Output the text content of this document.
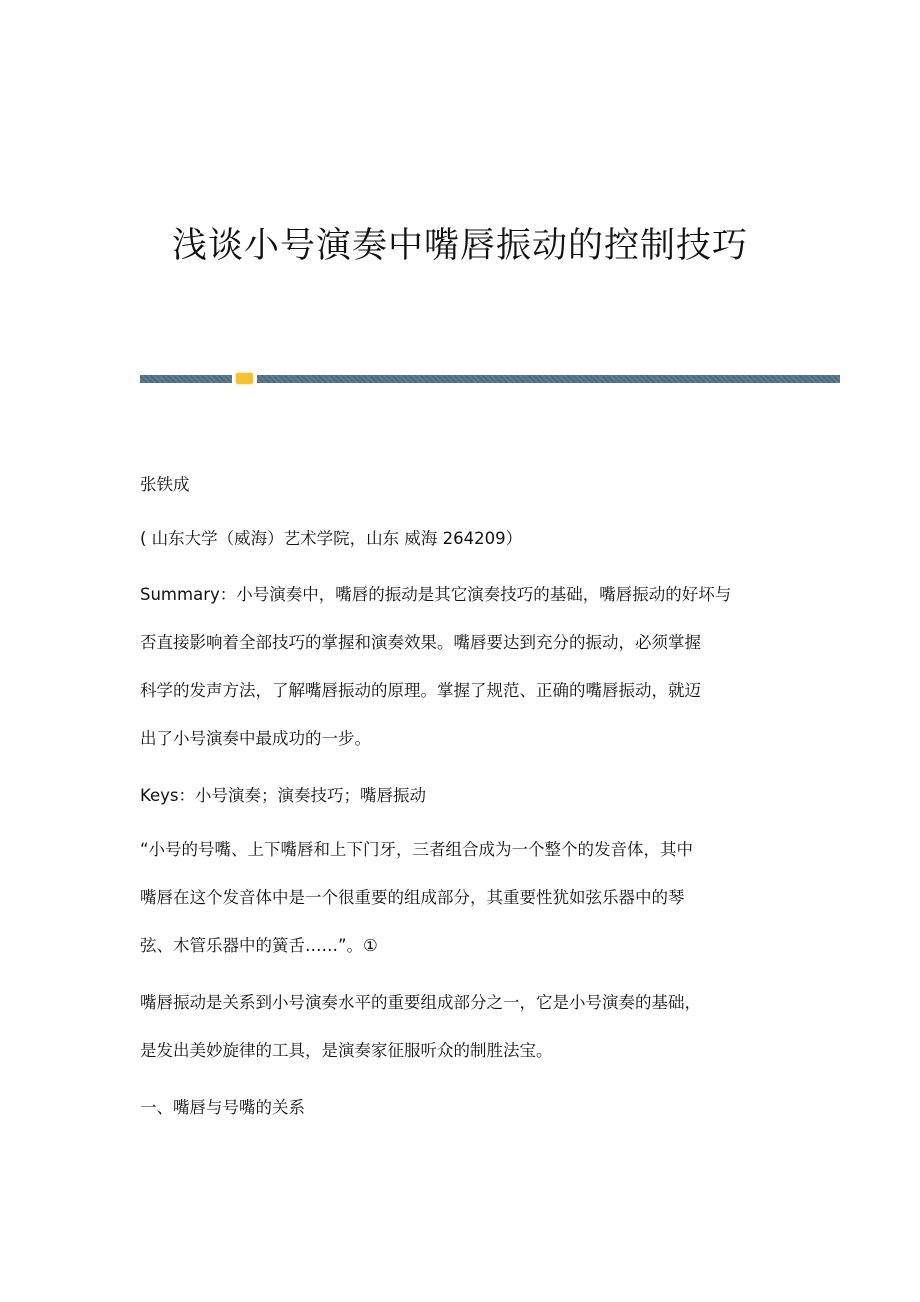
浅谈小号演奏中嘴唇振动的控制技巧
张铁成
( 山东大学（威海）艺术学院，山东 威海 264209）
Summary：小号演奏中，嘴唇的振动是其它演奏技巧的基础，嘴唇振动的好坏与
否直接影响着全部技巧的掌握和演奏效果。嘴唇要达到充分的振动，必须掌握
科学的发声方法，了解嘴唇振动的原理。掌握了规范、正确的嘴唇振动，就迈
出了小号演奏中最成功的一步。
Keys：小号演奏；演奏技巧；嘴唇振动
“小号的号嘴、上下嘴唇和上下门牙，三者组合成为一个整个的发音体，其中
嘴唇在这个发音体中是一个很重要的组成部分，其重要性犹如弦乐器中的琴
弦、木管乐器中的簧舌……”。①
嘴唇振动是关系到小号演奏水平的重要组成部分之一，它是小号演奏的基础，
是发出美妙旋律的工具，是演奏家征服听众的制胜法宝。
一、嘴唇与号嘴的关系
